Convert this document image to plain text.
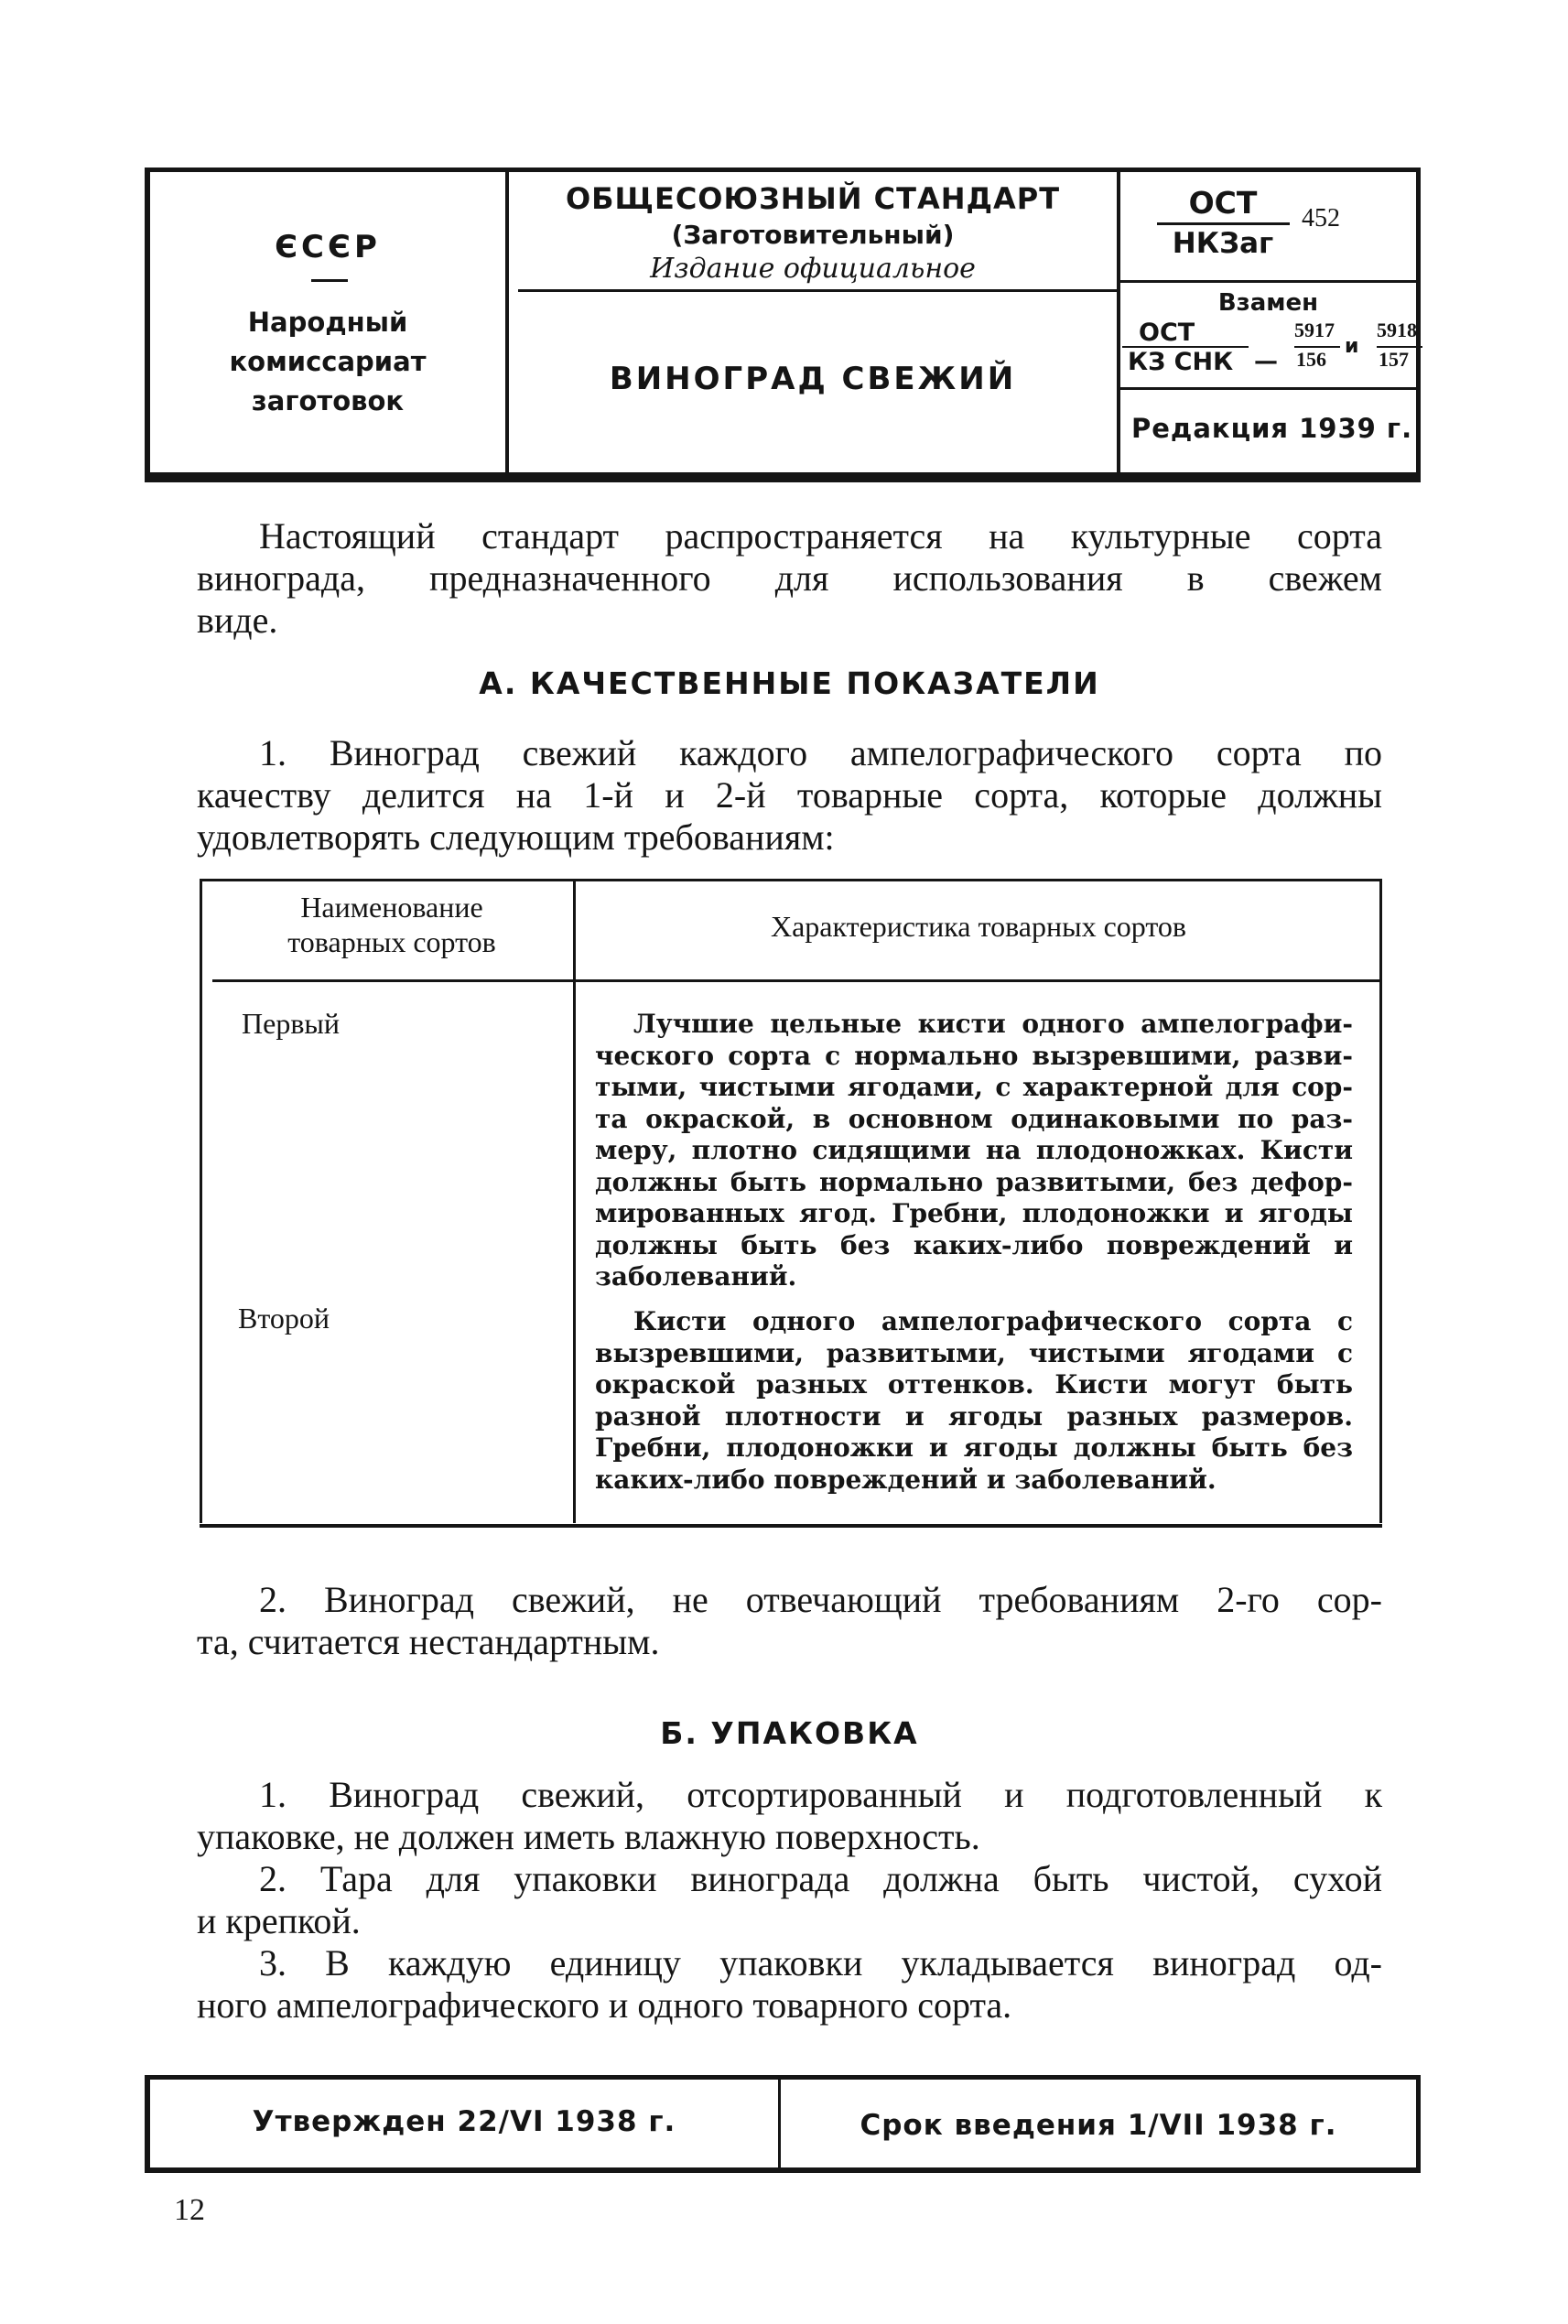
ЄСЄР
Народный
комиссариат
заготовок
ОБЩЕСОЮЗНЫЙ СТАНДАРТ
(Заготовительный)
Издание официальное
ВИНОГРАД СВЕЖИЙ
ОСТ
НКЗаг
452
Взамен
ОСТ	5917 5918
КЗ СНК — 156
и
157
Редакция 1939 г.
Настоящий стандарт распространяется на культурные сорта
винограда, предназначенного для использования в свежем
виде.
А. КАЧЕСТВЕННЫЕ ПОКАЗАТЕЛИ
1. Виноград свежий каждого ампелографического сорта по
качеству делится на 1-й и 2-й товарные сорта, которые должны
удовлетворять следующим требованиям:
Наименование
товарных сортов	Характеристика товарных сортов
Первый	Лучшие цельные кисти одного ампелографи-
ческого сорта с нормально вызревшими, разви-
тыми, чистыми ягодами, с характерной для сор-
та окраской, в основном одинаковыми по раз-
меру, плотно сидящими на плодоножках. Кисти
должны быть нормально развитыми, без дефор-
мированных ягод. Гребни, плодоножки и ягоды
должны быть без каких-либо повреждений и
заболеваний.
Второй	Кисти одного ампелографического сорта с
вызревшими, развитыми, чистыми ягодами с
окраской разных оттенков. Кисти могут быть
разной плотности и ягоды разных размеров.
Гребни, плодоножки и ягоды должны быть без
каких-либо повреждений и заболеваний.
2. Виноград свежий, не отвечающий требованиям 2-го сор-
та, считается нестандартным.
Б. УПАКОВКА
1. Виноград свежий, отсортированный и подготовленный к
упаковке, не должен иметь влажную поверхность.
2. Тара для упаковки винограда должна быть чистой, сухой
и крепкой.
3. В каждую единицу упаковки укладывается виноград од-
ного ампелографического и одного товарного сорта.
Утвержден 22/VI 1938 г.	Срок введения 1/VII 1938 г.
12
